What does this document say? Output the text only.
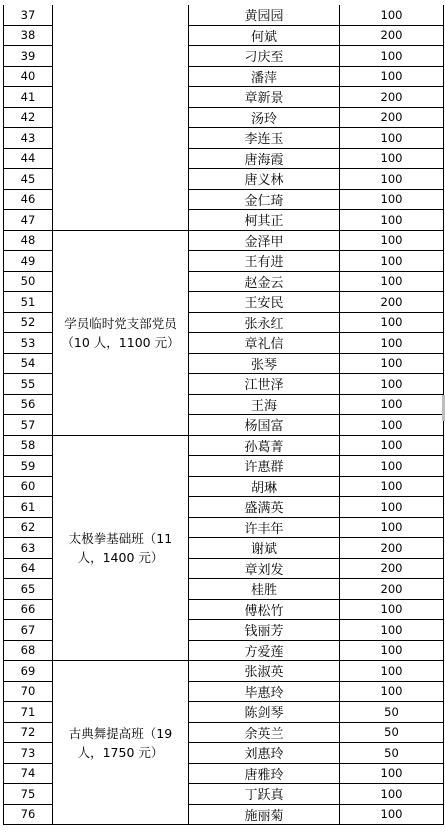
37		黄园园	100
38		何斌	200
39		刁庆至	100
40		潘萍	100
41		章新景	200
42		汤玲	200
43		李连玉	100
44		唐海霞	100
45		唐义林	100
46		金仁琦	100
47		柯其正	100
48	学员临时党支部党员（10 人，1100 元）	金泽甲	100
49		王有进	100
50		赵金云	100
51		王安民	200
52		张永红	100
53		章礼信	100
54		张琴	100
55		江世泽	100
56		王海	100
57		杨国富	100
58	太极拳基础班（11 人，1400 元）	孙葛菁	100
59		许惠群	100
60		胡琳	100
61		盛满英	100
62		许丰年	100
63		谢斌	200
64		章刘发	200
65		桂胜	200
66		傅松竹	100
67		钱丽芳	100
68		方爱莲	100
69	古典舞提高班（19 人，1750 元）	张淑英	100
70		毕惠玲	100
71		陈剑琴	50
72		余英兰	50
73		刘惠玲	50
74		唐雅玲	100
75		丁跃真	100
76		施丽菊	100
